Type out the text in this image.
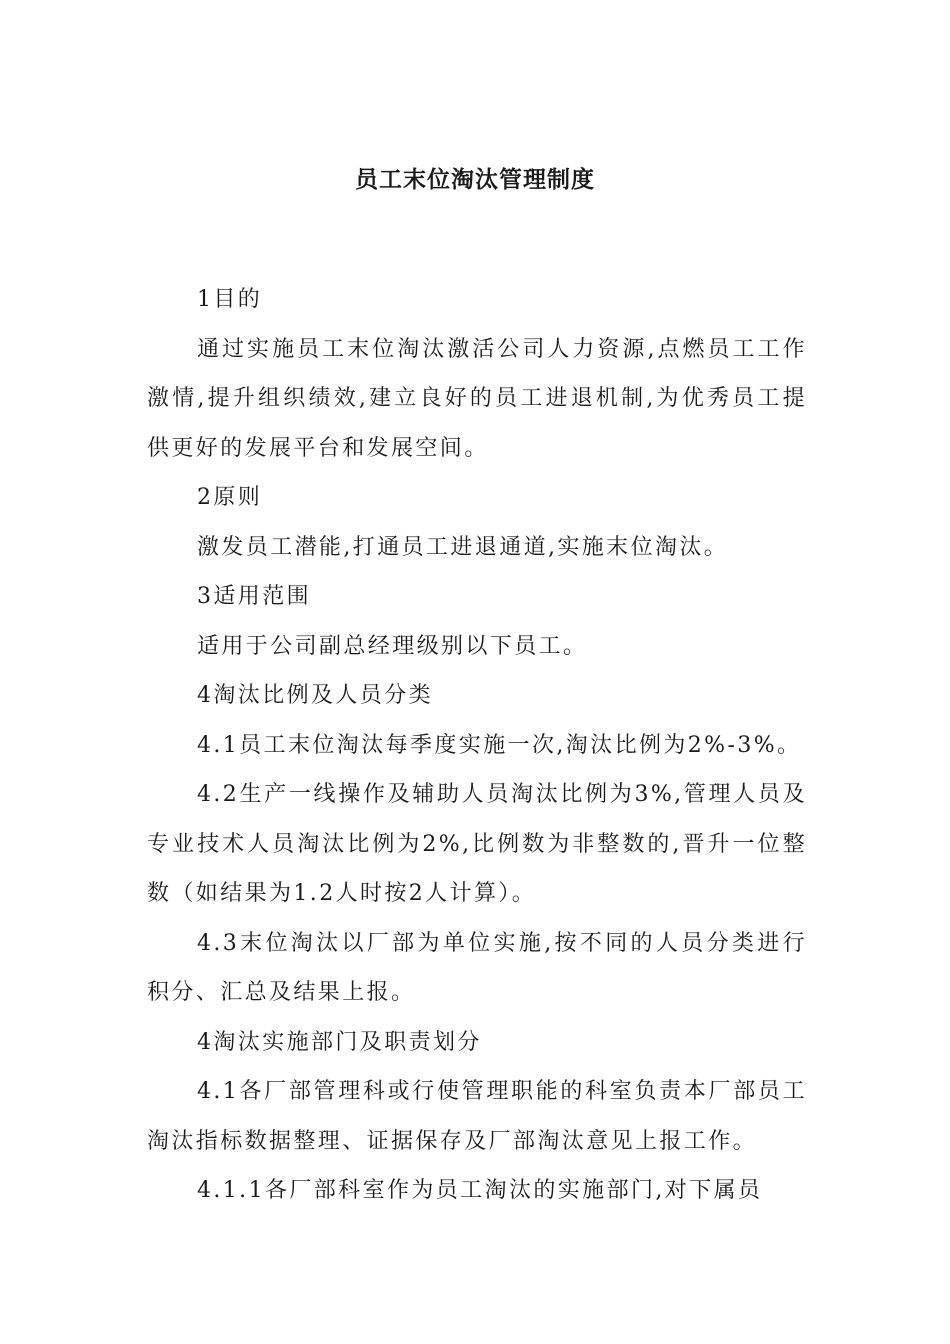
员工末位淘汰管理制度

1目的

通过实施员工末位淘汰激活公司人力资源,点燃员工工作激情,提升组织绩效,建立良好的员工进退机制,为优秀员工提供更好的发展平台和发展空间。

2原则

激发员工潜能,打通员工进退通道,实施末位淘汰。

3适用范围

适用于公司副总经理级别以下员工。

4淘汰比例及人员分类

4.1员工末位淘汰每季度实施一次,淘汰比例为2%-3%。

4.2生产一线操作及辅助人员淘汰比例为3%,管理人员及专业技术人员淘汰比例为2%,比例数为非整数的,晋升一位整数（如结果为1.2人时按2人计算）。

4.3末位淘汰以厂部为单位实施,按不同的人员分类进行积分、汇总及结果上报。

4淘汰实施部门及职责划分

4.1各厂部管理科或行使管理职能的科室负责本厂部员工淘汰指标数据整理、证据保存及厂部淘汰意见上报工作。

4.1.1各厂部科室作为员工淘汰的实施部门,对下属员
